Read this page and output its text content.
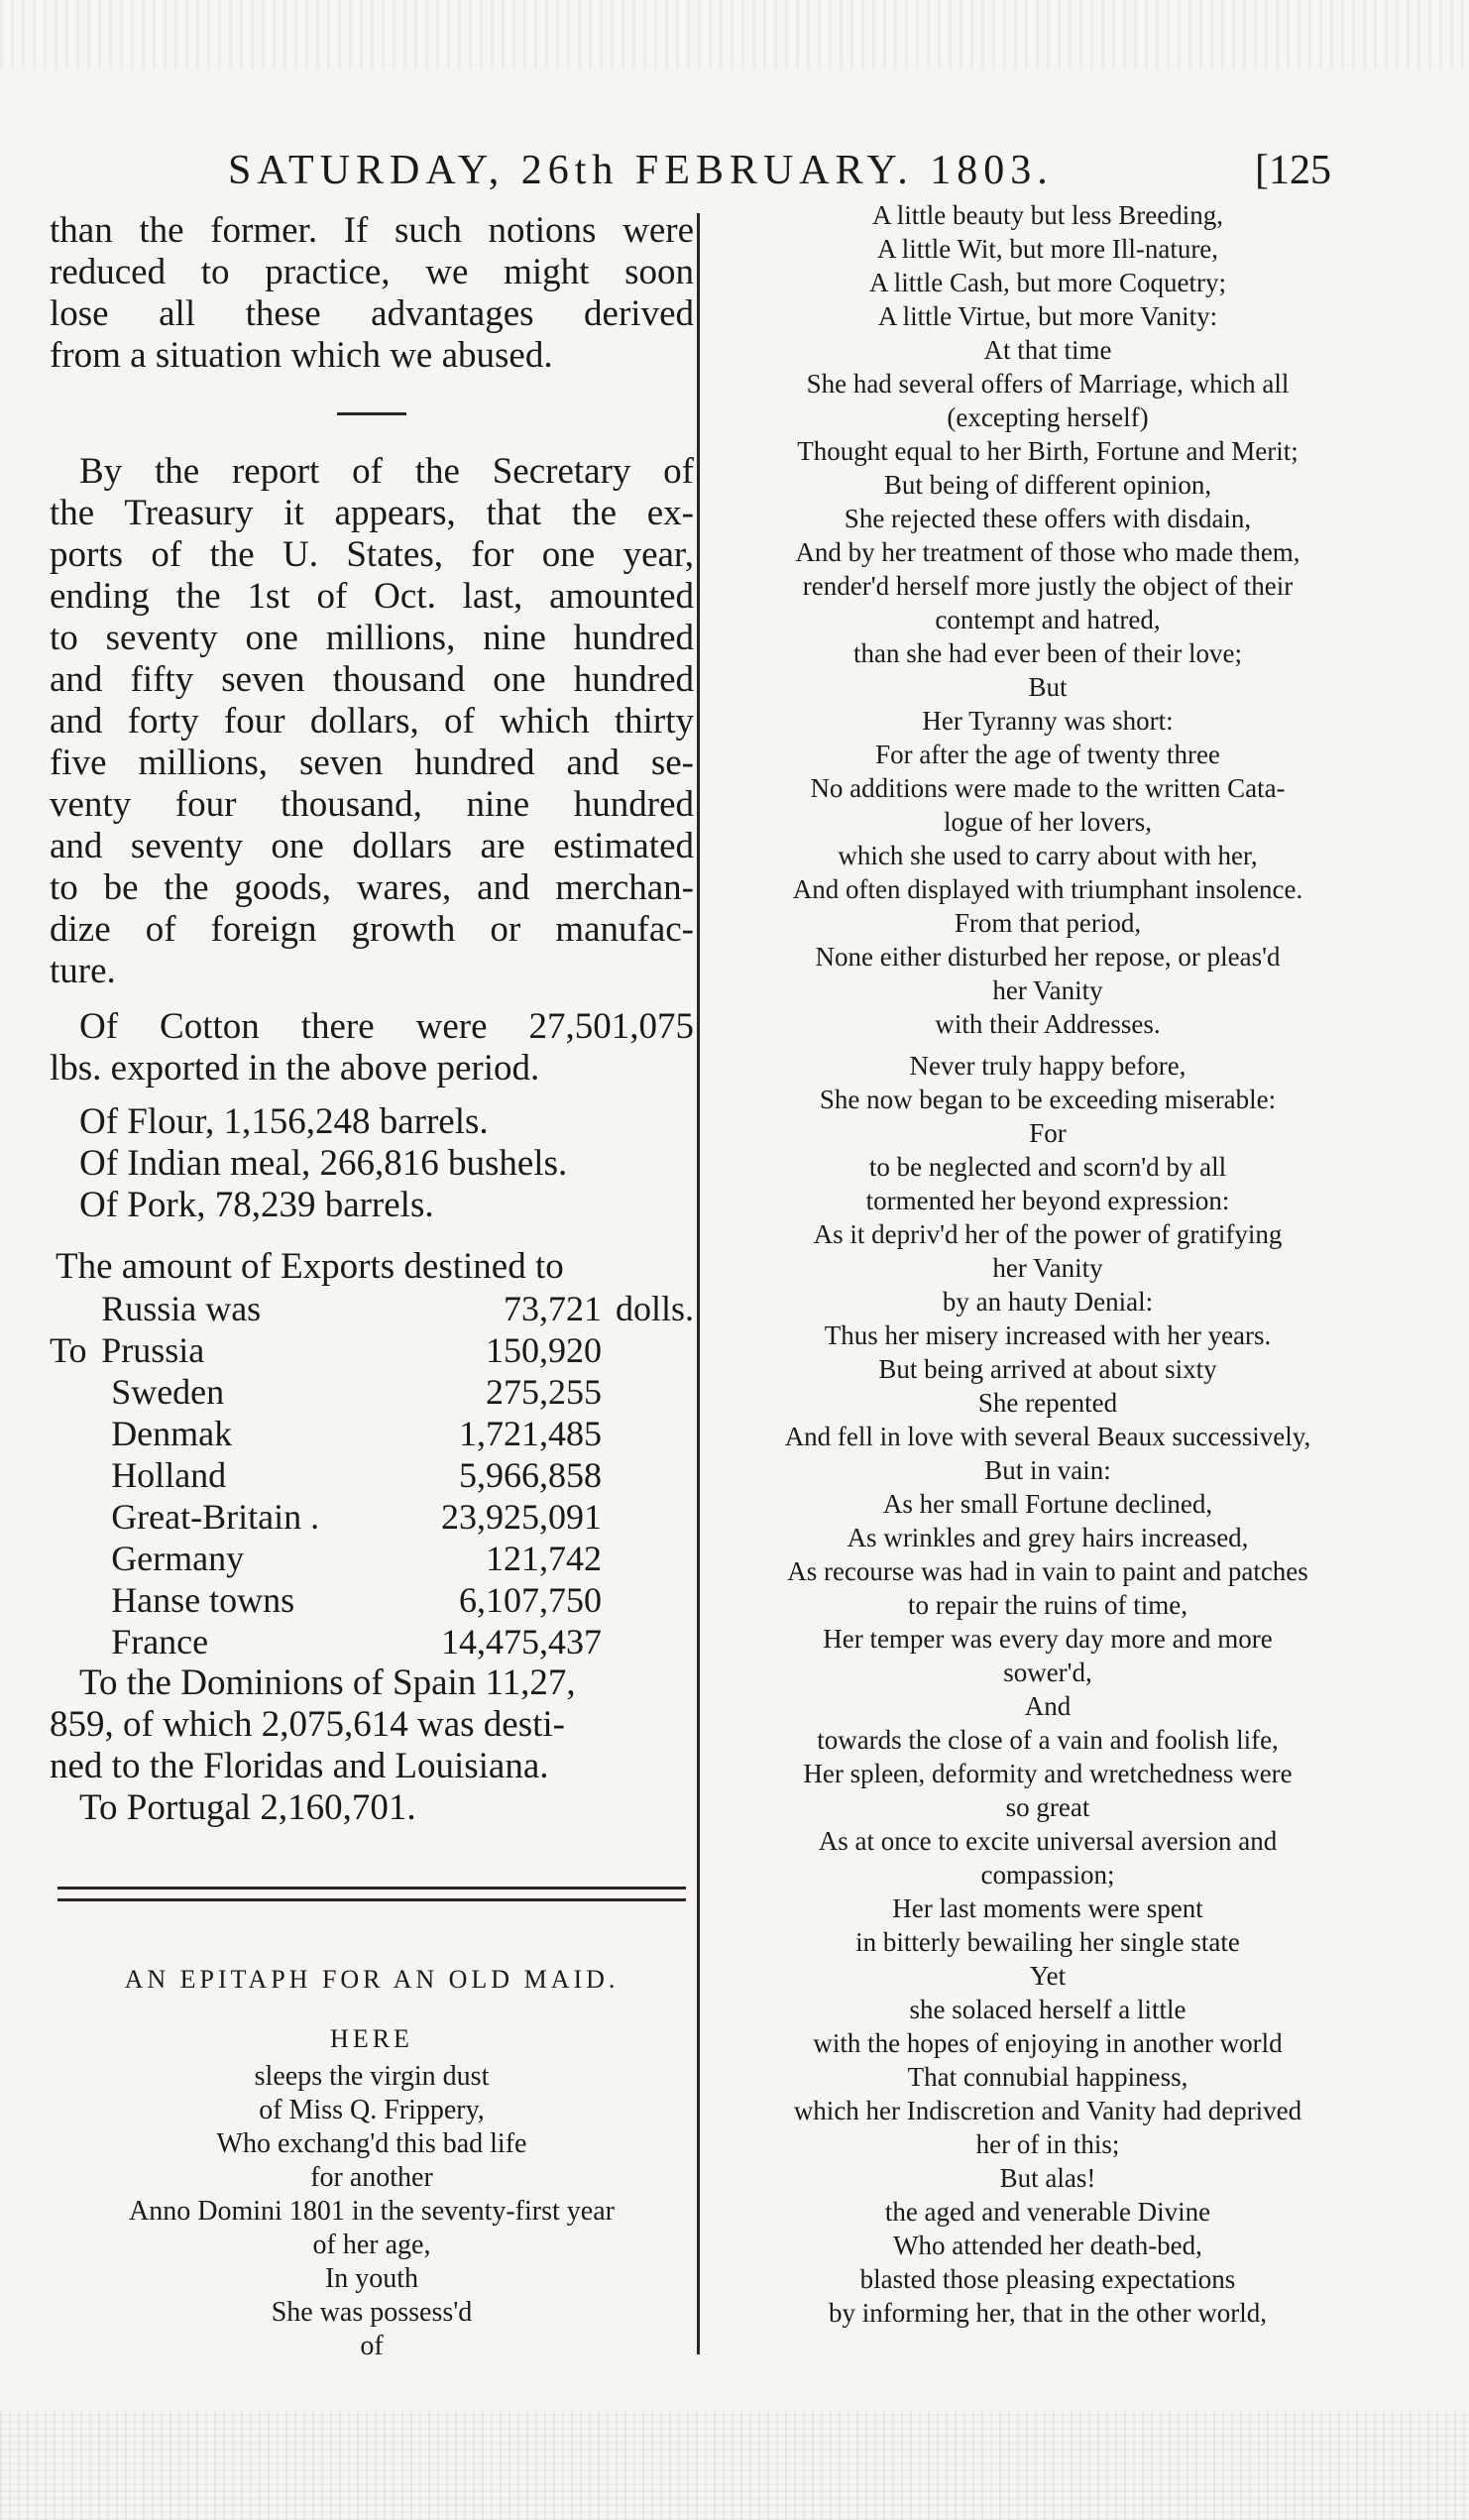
SATURDAY, 26th FEBRUARY. 1803.	[125

than the former. If such notions were
reduced to practice, we might soon
lose all these advantages derived
from a situation which we abused.

By the report of the Secretary of
the Treasury it appears, that the ex-
ports of the U. States, for one year,
ending the 1st of Oct. last, amounted
to seventy one millions, nine hundred
and fifty seven thousand one hundred
and forty four dollars, of which thirty
five millions, seven hundred and se-
venty four thousand, nine hundred
and seventy one dollars are estimated
to be the goods, wares, and merchan-
dize of foreign growth or manufac-
ture.

Of Cotton there were 27,501,075
lbs. exported in the above period.

Of Flour, 1,156,248 barrels.

Of Indian meal, 266,816 bushels.

Of Pork, 78,239 barrels.

The amount of Exports destined to

	Russia was	73,721	dolls.
To	Prussia	150,920	
	Sweden	275,255	
	Denmak	1,721,485	
	Holland	5,966,858	
	Great-Britain .	23,925,091	
	Germany	121,742	
	Hanse towns	6,107,750	
	France	14,475,437	

To the Dominions of Spain 11,27,

859, of which 2,075,614 was desti-

ned to the Floridas and Louisiana.

To Portugal 2,160,701.

AN EPITAPH FOR AN OLD MAID.
HERE
sleeps the virgin dust
of Miss Q. Frippery,
Who exchang'd this bad life
for another
Anno Domini 1801 in the seventy-first year
of her age,
In youth
She was possess'd
of
A little beauty but less Breeding,
A little Wit, but more Ill-nature,
A little Cash, but more Coquetry;
A little Virtue, but more Vanity:
At that time
She had several offers of Marriage, which all
(excepting herself)
Thought equal to her Birth, Fortune and Merit;
But being of different opinion,
She rejected these offers with disdain,
And by her treatment of those who made them,
render'd herself more justly the object of their
contempt and hatred,
than she had ever been of their love;
But
Her Tyranny was short:
For after the age of twenty three
No additions were made to the written Cata-
logue of her lovers,
which she used to carry about with her,
And often displayed with triumphant insolence.
From that period,
None either disturbed her repose, or pleas'd
her Vanity
with their Addresses.
Never truly happy before,
She now began to be exceeding miserable:
For
to be neglected and scorn'd by all
tormented her beyond expression:
As it depriv'd her of the power of gratifying
her Vanity
by an hauty Denial:
Thus her misery increased with her years.
But being arrived at about sixty
She repented
And fell in love with several Beaux successively,
But in vain:
As her small Fortune declined,
As wrinkles and grey hairs increased,
As recourse was had in vain to paint and patches
to repair the ruins of time,
Her temper was every day more and more
sower'd,
And
towards the close of a vain and foolish life,
Her spleen, deformity and wretchedness were
so great
As at once to excite universal aversion and
compassion;
Her last moments were spent
in bitterly bewailing her single state
Yet
she solaced herself a little
with the hopes of enjoying in another world
That connubial happiness,
which her Indiscretion and Vanity had deprived
her of in this;
But alas!
the aged and venerable Divine
Who attended her death-bed,
blasted those pleasing expectations
by informing her, that in the other world,
